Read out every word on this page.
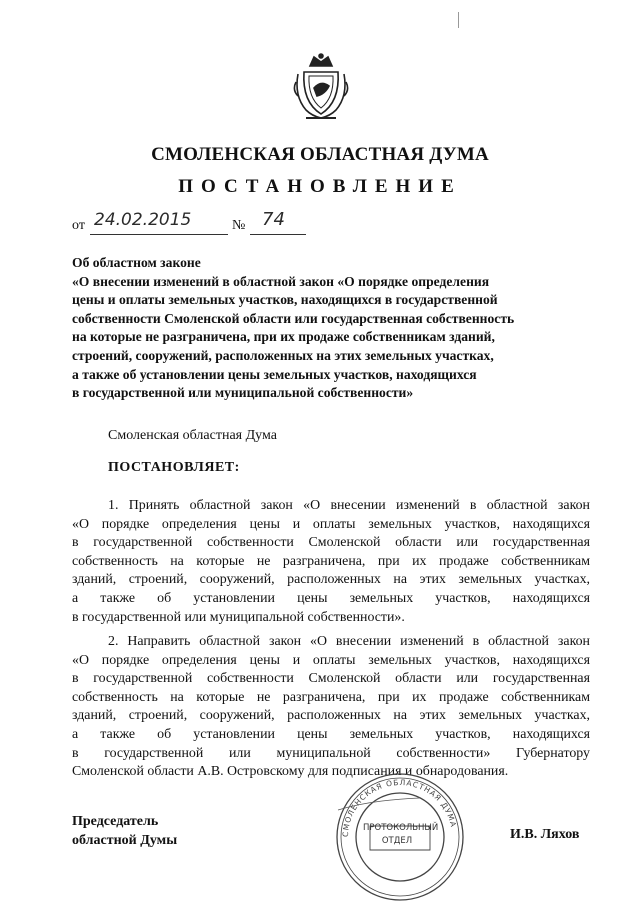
СМОЛЕНСКАЯ ОБЛАСТНАЯ ДУМА
ПОСТАНОВЛЕНИЕ
от 24.02.2015	№ 74
Об областном законе
«О внесении изменений в областной закон «О порядке определения
цены и оплаты земельных участков, находящихся в государственной
собственности Смоленской области или государственная собственность
на которые не разграничена, при их продаже собственникам зданий,
строений, сооружений, расположенных на этих земельных участках,
а также об установлении цены земельных участков, находящихся
в государственной или муниципальной собственности»
Смоленская областная Дума
ПОСТАНОВЛЯЕТ:
1. Принять областной закон «О внесении изменений в областной закон
«О порядке определения цены и оплаты земельных участков, находящихся
в государственной собственности Смоленской области или государственная
собственность на которые не разграничена, при их продаже собственникам
зданий, строений, сооружений, расположенных на этих земельных участках,
а также об установлении цены земельных участков, находящихся
в государственной или муниципальной собственности».
2. Направить областной закон «О внесении изменений в областной закон
«О порядке определения цены и оплаты земельных участков, находящихся
в государственной собственности Смоленской области или государственная
собственность на которые не разграничена, при их продаже собственникам
зданий, строений, сооружений, расположенных на этих земельных участках,
а также об установлении цены земельных участков, находящихся
в государственной или муниципальной собственности» Губернатору
Смоленской области А.В. Островскому для подписания и обнародования.
Председатель
областной Думы	И.В. Ляхов
СМОЛЕНСКАЯ ОБЛАСТНАЯ ДУМА
ПРОТОКОЛЬНЫЙ
ОТДЕЛ
